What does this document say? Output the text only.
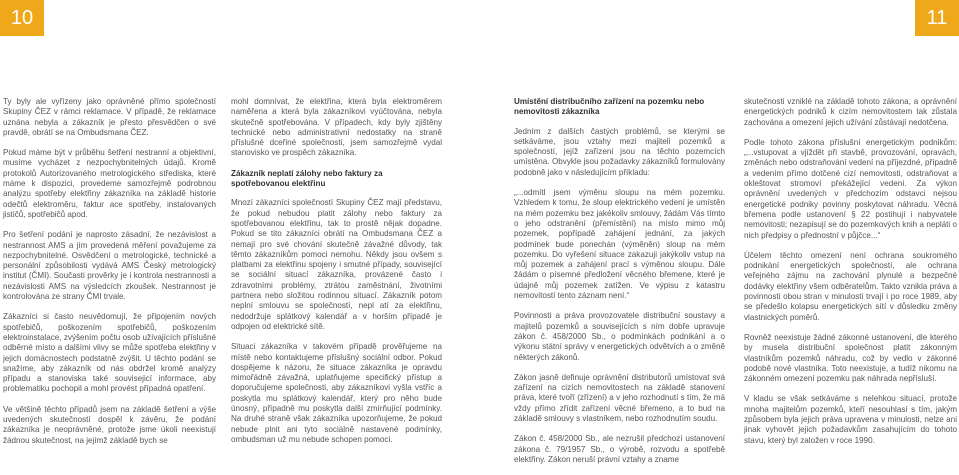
10	11

Ty byly ale vyřízeny jako oprávněné přímo společností Skupiny ČEZ v rámci reklamace. V případě, že reklamace uznána nebyla a zákazník je přesto přesvědčen o své pravdě, obrátí se na Ombudsmana ČEZ.

Pokud máme být v průběhu šetření nestranní a objektivní, musíme vycházet z nezpochybnitelných údajů. Kromě protokolů Autorizovaného metrologického střediska, které máme k dispozici, provedeme samozřejmě podrobnou analýzu spotřeby elektřiny zákazníka na základě historie odečtů elektroměru, faktur ace spotřeby, instalovaných jističů, spotřebičů apod.

Pro šetření podání je naprosto zásadní, že nezávislost a nestrannost AMS a jím provedená měření považujeme za nezpochybnitelné. Osvědčení o metrologické, technické a personální způsobilosti vydává AMS Český metrologický institut (ČMI). Současti prověrky je i kontrola nestrannosti a nezávislosti AMS na výsledcích zkoušek. Nestrannost je kontrolována ze strany ČMI trvale.

Zákazníci si často neuvědomují, že připojením nových spotřebičů, poškozením spotřebičů, poškozením elektroinstalace, zvýšením počtu osob užívajících příslušné odběrné místo a dalšími vlivy se může spotřeba elektřiny v jejich domácnostech podstatně zvýšit. U těchto podání se snažíme, aby zákazník od nás obdržel kromě analýzy případu a stanoviska také souvisejicí informace, aby problematiku pochopil a mohl provést případná opatření.

Ve většině těchto případů jsem na základě šetření a výše uvedených skutečností dospěl k závěru, že podání zákazníka je neoprávněné, protože jsme úkoli neexistují žádnou skutečnost, na jejímž základě bych se

mohl domnívat, že elektřina, která byla elektroměrem naměřena a která byla zákazníkovi vyúčtována, nebyla skutečně spotřebována. V případech, kdy byly zjištěny technické nebo administrativní nedostatky na straně příslušné dceřiné společnosti, jsem samozřejmě vydal stanovisko ve prospěch zákazníka.

Zákazník neplatí zálohy nebo faktury za spotřebovanou elektřinu

Mnozí zákazníci společností Skupiny ČEZ mají představu, že pokud nebudou platit zálohy nebo faktury za spotřebovanou elektřinu, tak to prostě nějak dopadne. Pokud se tito zákazníci obrátí na Ombudsmana ČEZ a nemají pro své chování skutečně závažné důvody, tak těmto zákazníkům pomoci nemohu. Někdy jsou ovšem s platbami za elektřinu spojeny i smutné případy, související se sociální situací zákazníka, provázené často i zdravotními problémy, ztrátou zaměstnání, životními partnera nebo složitou rodinnou situací. Zákazník potom neplní smlouvu se společností, nepl atí za elektřinu, nedodržuje splátkový kalendář a v horším případě je odpojen od elektrické sítě.

Situaci zákazníka v takovém případě prověřujeme na místě nebo kontaktujeme příslušný sociální odbor. Pokud dospějeme k názoru, že situace zákazníka je opravdu mimořádně závažná, uplatňujeme specifický přístup a doporučujeme společnosti, aby zákazníkovi vyšla vstříc a poskytla mu splátkový kalendář, který pro něho bude únosný, případně mu poskytla další zmírňující podmínky. Na druhé straně však zákazníka upozorňujeme, že pokud nebude plnit ani tyto sociálně nastavené podmínky, ombudsman už mu nebude schopen pomoci.

Umístění distribučního zařízení na pozemku nebo nemovitosti zákazníka

Jedním z dalších častých problémů, se kterými se setkáváme, jsou vztahy mezi majiteli pozemků a společností, jejíž zařízení jsou na těchto pozemcích umístěna. Obvykle jsou požadavky zákazníků formulovány podobně jako v následujícím příkladu:

„...odmítl jsem výměnu sloupu na mém pozemku. Vzhledem k tomu, že sloup elektrického vedení je umístěn na mém pozemku bez jakékoliv smlouvy, žádám Vás tímto o jeho odstranění (přemístění) na místo mimo můj pozemek, popřípadě zahájení jednání, za jakých podmínek bude ponechán (výměněn) sloup na mém pozemku. Do vyřešení situace zakazuji jakýkoliv vstup na můj pozemek a zahájení prací s výměnou sloupu. Dále žádám o písemné předložení věcného břemene, které je údajně můj pozemek zatížen. Ve výpisu z katastru nemovitostí tento záznam není.“

Povinnosti a práva provozovatele distribuční soustavy a majitelů pozemků a souvisejících s ním dobře upravuje zákon č. 458/2000 Sb., o podmínkách podnikání a o výkonu státní správy v energetických odvětvích a o změně některých zákonů.

Zákon jasně definuje oprávnění distributorů umístovat svá zařízení na cizích nemovitostech na základě stanovení práva, které tvoří (zřízení) a v jeho rozhodnutí s tím, že má vždy přímo zřídit zařízení věcné břemeno, a to bud na základě smlouvy s vlastníkem, nebo rozhodnutím soudu.

Zákon č. 458/2000 Sb., ale nezrušil předchozí ustanovení zákona č. 79/1957 Sb., o výrobě, rozvodu a spotřebě elektřiny. Zákon neruší právní vztahy a zname

skutečnosti vzniklé na základě tohoto zákona, a oprávnění energetických podniků k cizím nemovitostem tak zůstala zachována a omezení jejich užívání zůstávají nedotčena.

Podle tohoto zákona příslušní energetickým podnikům: „...vstupovat a vjíždět při stavbě, provozování, opravách, změnách nebo odstraňování vedení na příjezdné, případně a vedením přímo dotčené cizí nemovitosti, odstraňovat a okleštovat stromoví překážející vedení. Za výkon oprávnění uvedených v předchozím odstavci nejsou energetické podniky povinny poskytovat náhradu. Věcná břemena podle ustanovení § 22 postihují i nabyvatele nemovitosti; nezapisují se do pozemkových knih a nepláti o nich předpisy o přednostní v půjčce...“

Účelem těchto omezení není ochrana soukromého podnikání energetických společností, ale ochrana veřejného zájmu na zachování plynulé a bezpečné dodávky elektřiny všem odběratelům. Takto vznikla práva a povinnosti obou stran v minulosti trvají i po roce 1989, aby se předešlo kolapsu energetických sítí v důsledku změny vlastnických poměrů.

Rovněž neexistuje žádné zákonné ustanovení, dle kterého by musela distribuční společnost platit zákonným vlastníkům pozemků náhradu, což by vedlo v zákonné podobě nové vlastníka. Toto neexistuje, a tudíž nikomu na zákonném omezení pozemku pak náhrada nepřísluší.

V kladu se však setkáváme s nelehkou situací, protože mnoha majitelům pozemků, kteří nesouhlasí s tím, jakým způsobem byla jejich práva upravena v minulosti, nelze ani jinak vyhovět jejich požadavkům zasahujícím do tohoto stavu, který byl založen v roce 1990.
